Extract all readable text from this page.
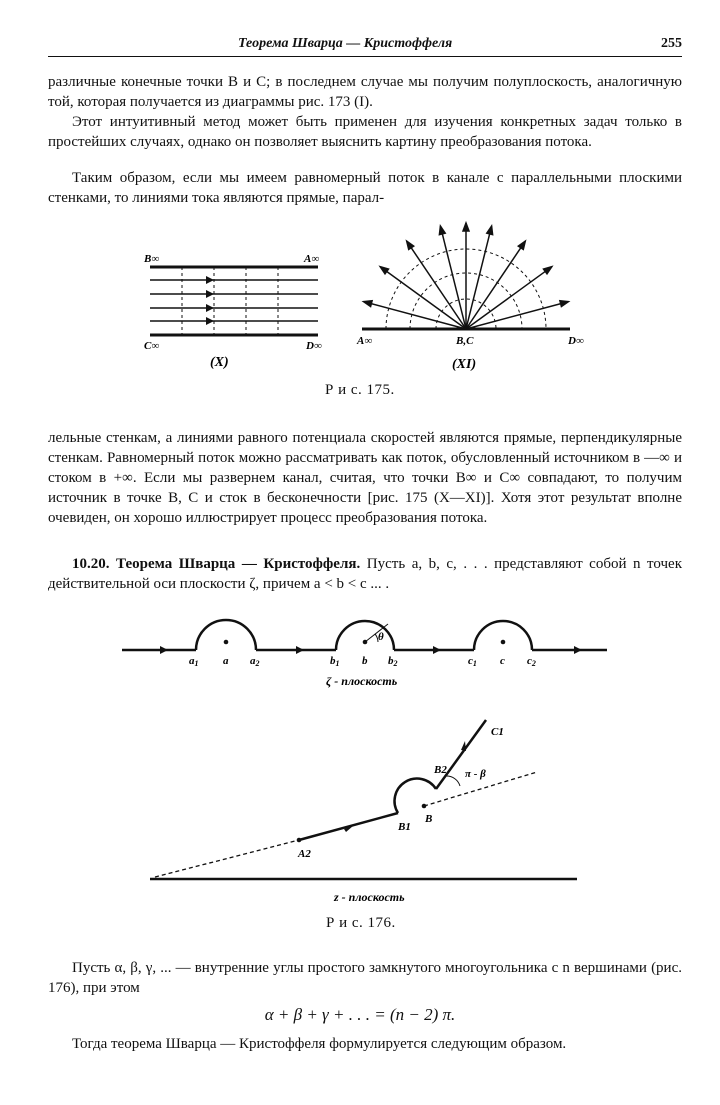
Теорема Шварца — Кристоффеля	255

различные конечные точки B и C; в последнем случае мы получим полуплоскость, аналогичную той, которая получается из диаграммы рис. 173 (I).

Этот интуитивный метод может быть применен для изучения конкретных задач только в простейших случаях, однако он позволяет выяснить картину преобразования потока.

Таким образом, если мы имеем равномерный поток в канале с параллельными плоскими стенками, то линиями тока являются прямые, парал-

B∞	A∞
C∞	D∞
(X)
A∞	B,C	D∞
(XI)
Р и с. 175.

лельные стенкам, а линиями равного потенциала скоростей являются прямые, перпендикулярные стенкам. Равномерный поток можно рассматривать как поток, обусловленный источником в —∞ и стоком в +∞. Если мы развернем канал, считая, что точки B∞ и C∞ совпадают, то получим источник в точке B, C и сток в бесконечности [рис. 175 (X—XI)]. Хотя этот результат вполне очевиден, он хорошо иллюстрирует процесс преобразования потока.

10.20. Теорема Шварца — Кристоффеля. Пусть a, b, c, . . . представляют собой n точек действительной оси плоскости ζ, причем a < b < c ... .

θ
a1 a a2	b1 b b2	c1 c c2
ζ - плоскость
C1
B2 π - β
B1
B
A2
z - плоскость
Р и с. 176.

Пусть α, β, γ, ... — внутренние углы простого замкнутого многоугольника с n вершинами (рис. 176), при этом

α + β + γ + . . . = (n − 2) π.

Тогда теорема Шварца — Кристоффеля формулируется следующим образом.
